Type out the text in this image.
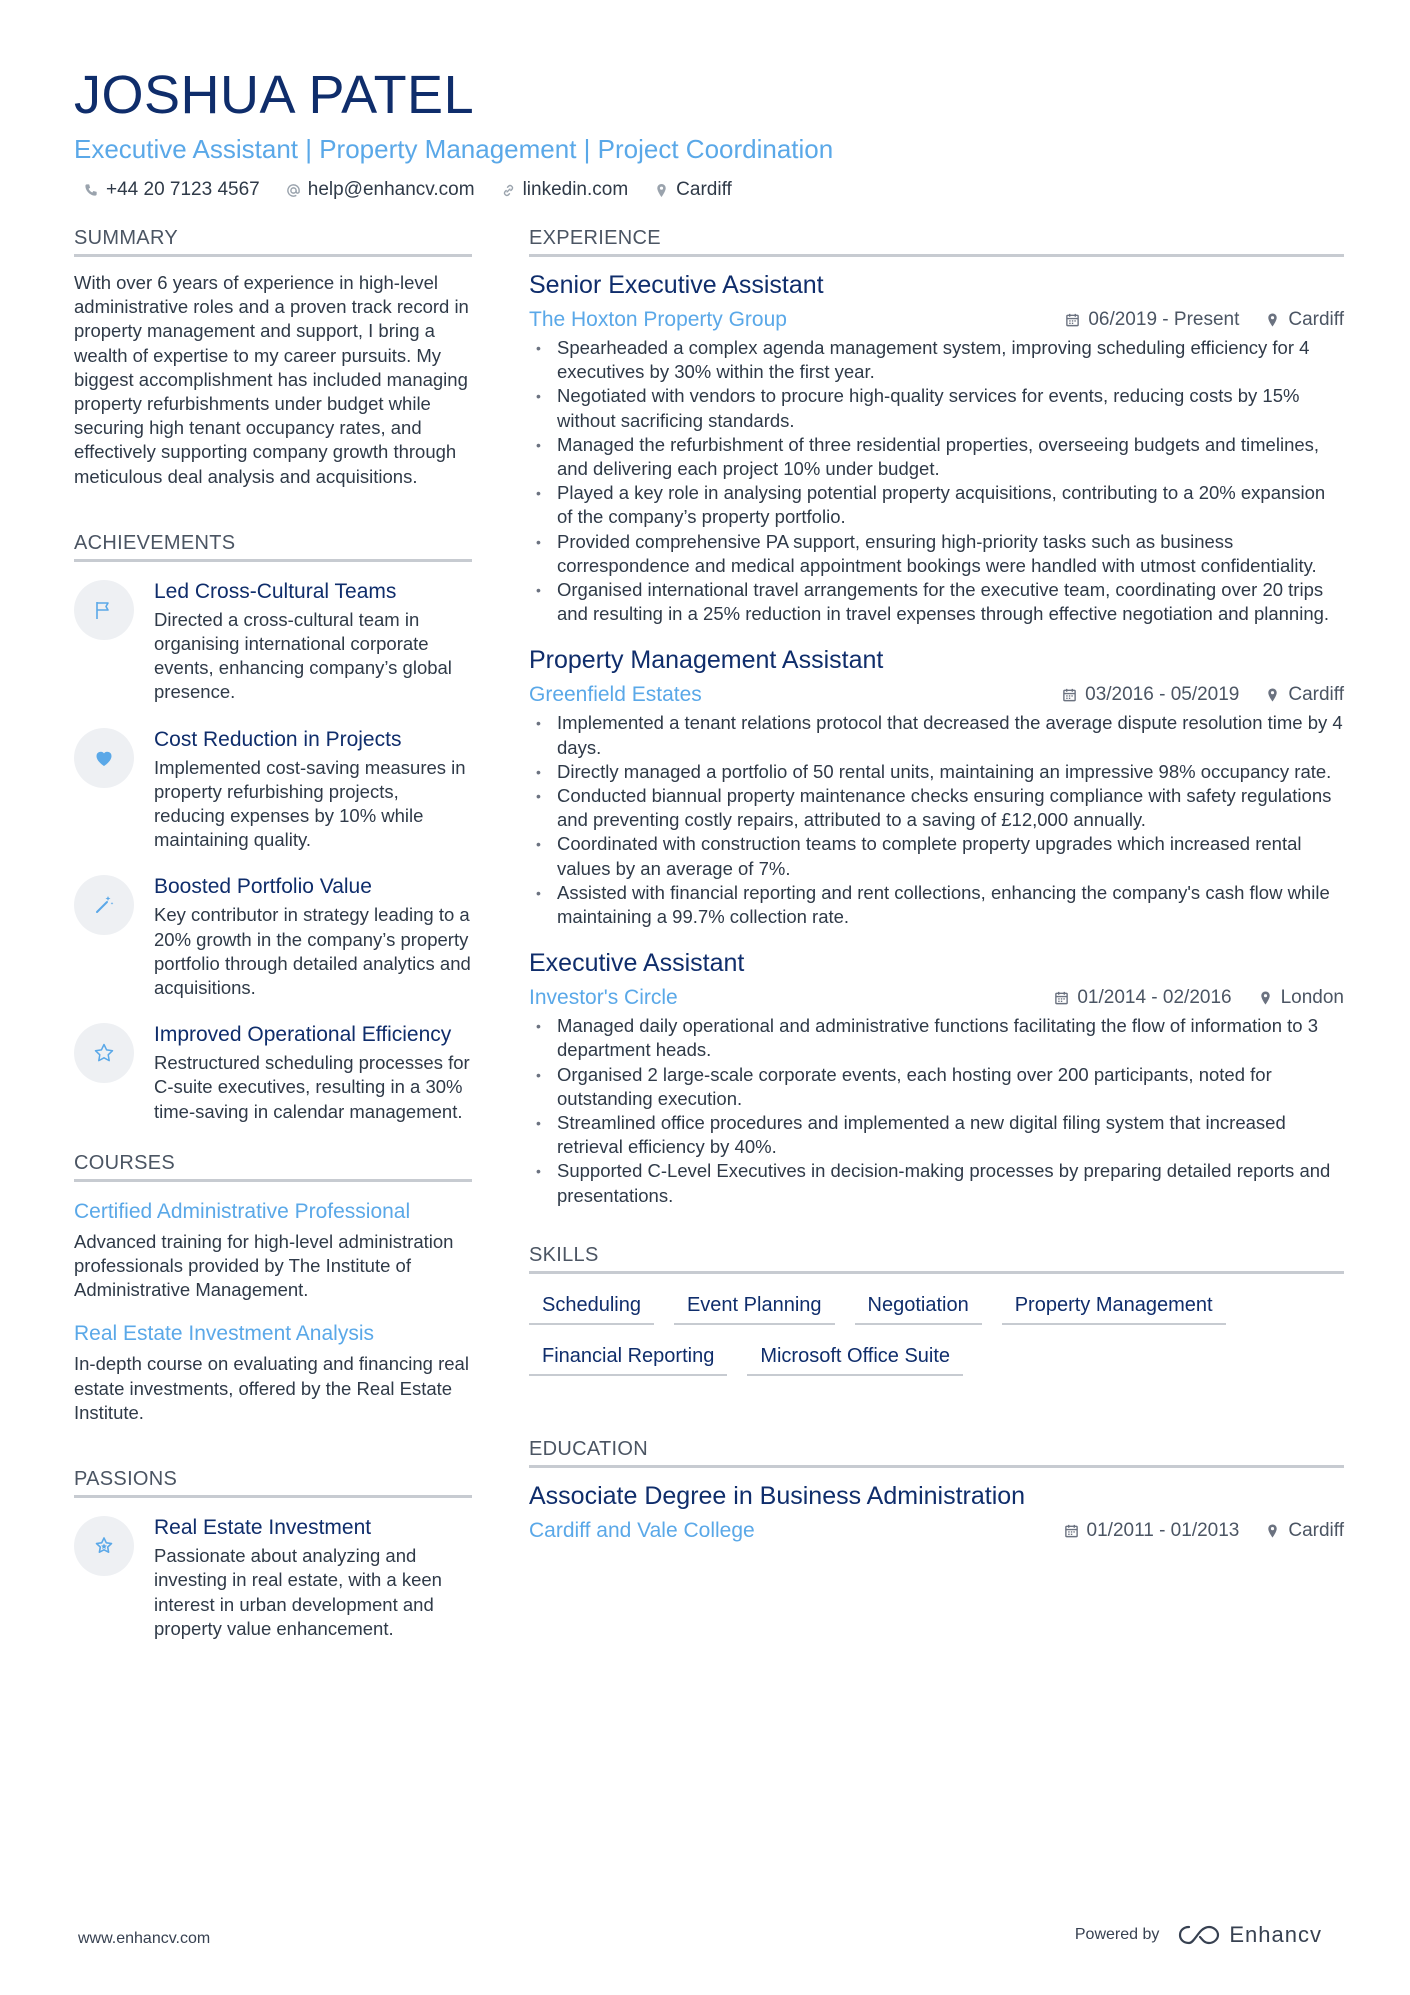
JOSHUA PATEL
Executive Assistant | Property Management | Project Coordination
+44 20 7123 4567	help@enhancv.com	linkedin.com	Cardiff
SUMMARY
With over 6 years of experience in high-level administrative roles and a proven track record in property management and support, I bring a wealth of expertise to my career pursuits. My biggest accomplishment has included managing property refurbishments under budget while securing high tenant occupancy rates, and effectively supporting company growth through meticulous deal analysis and acquisitions.
ACHIEVEMENTS
Led Cross-Cultural Teams
Directed a cross-cultural team in organising international corporate events, enhancing company’s global presence.
Cost Reduction in Projects
Implemented cost-saving measures in property refurbishing projects, reducing expenses by 10% while maintaining quality.
Boosted Portfolio Value
Key contributor in strategy leading to a 20% growth in the company’s property portfolio through detailed analytics and acquisitions.
Improved Operational Efficiency
Restructured scheduling processes for C-suite executives, resulting in a 30% time-saving in calendar management.
COURSES
Certified Administrative Professional
Advanced training for high-level administration professionals provided by The Institute of Administrative Management.
Real Estate Investment Analysis
In-depth course on evaluating and financing real estate investments, offered by the Real Estate Institute.
PASSIONS
Real Estate Investment
Passionate about analyzing and investing in real estate, with a keen interest in urban development and property value enhancement.
EXPERIENCE
Senior Executive Assistant
The Hoxton Property Group	06/2019 - Present	Cardiff
• Spearheaded a complex agenda management system, improving scheduling efficiency for 4 executives by 30% within the first year.
• Negotiated with vendors to procure high-quality services for events, reducing costs by 15% without sacrificing standards.
• Managed the refurbishment of three residential properties, overseeing budgets and timelines, and delivering each project 10% under budget.
• Played a key role in analysing potential property acquisitions, contributing to a 20% expansion of the company’s property portfolio.
• Provided comprehensive PA support, ensuring high-priority tasks such as business correspondence and medical appointment bookings were handled with utmost confidentiality.
• Organised international travel arrangements for the executive team, coordinating over 20 trips and resulting in a 25% reduction in travel expenses through effective negotiation and planning.
Property Management Assistant
Greenfield Estates	03/2016 - 05/2019	Cardiff
• Implemented a tenant relations protocol that decreased the average dispute resolution time by 4 days.
• Directly managed a portfolio of 50 rental units, maintaining an impressive 98% occupancy rate.
• Conducted biannual property maintenance checks ensuring compliance with safety regulations and preventing costly repairs, attributed to a saving of £12,000 annually.
• Coordinated with construction teams to complete property upgrades which increased rental values by an average of 7%.
• Assisted with financial reporting and rent collections, enhancing the company's cash flow while maintaining a 99.7% collection rate.
Executive Assistant
Investor's Circle	01/2014 - 02/2016	London
• Managed daily operational and administrative functions facilitating the flow of information to 3 department heads.
• Organised 2 large-scale corporate events, each hosting over 200 participants, noted for outstanding execution.
• Streamlined office procedures and implemented a new digital filing system that increased retrieval efficiency by 40%.
• Supported C-Level Executives in decision-making processes by preparing detailed reports and presentations.
SKILLS
Scheduling	Event Planning	Negotiation	Property Management
Financial Reporting	Microsoft Office Suite
EDUCATION
Associate Degree in Business Administration
Cardiff and Vale College	01/2011 - 01/2013	Cardiff
www.enhancv.com	Powered by	Enhancv
